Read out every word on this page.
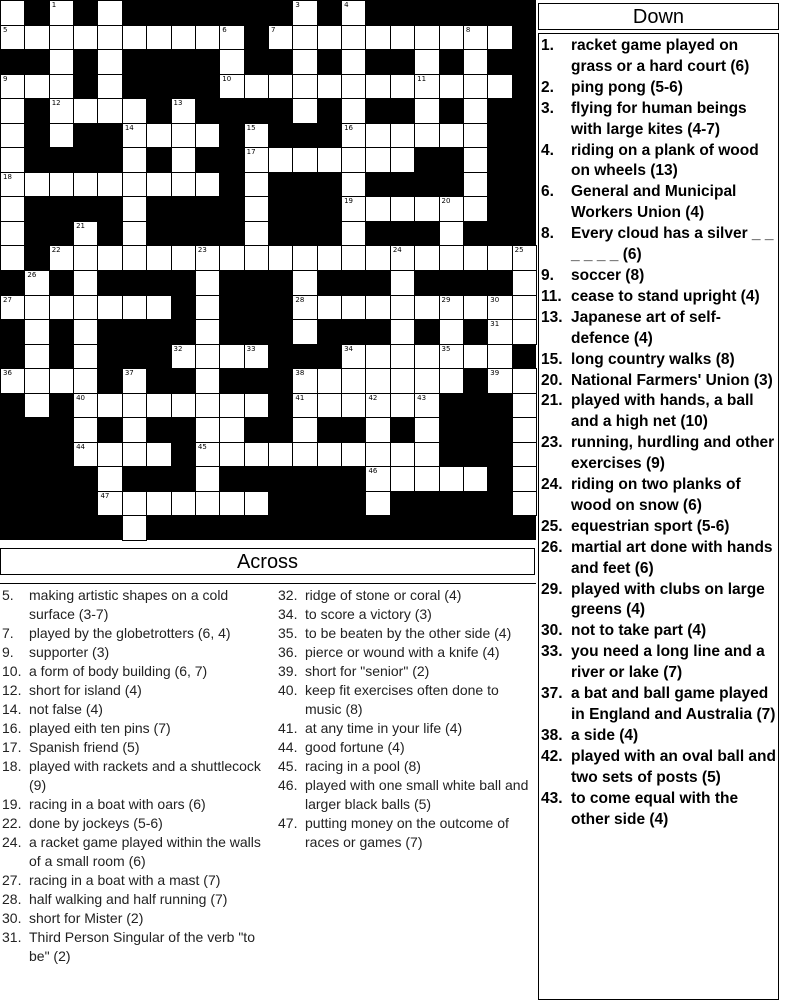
1	3	4
5	6	7	8
9	10	11
12	13
14	15	16
17
18
19	20
21
22	23	24	25
26
27	28	29	30
31
32	33	34	35
36	37	38	39
40	41	42	43
44	45
46
47
Down
1.	racket game played on grass or a hard court (6)
2.	ping pong (5-6)
3.	flying for human beings with large kites (4-7)
4.	riding on a plank of wood on wheels (13)
6.	General and Municipal Workers Union (4)
8.	Every cloud has a silver _ _ _ _ _ _ (6)
9.	soccer (8)
11. cease to stand upright (4)
13. Japanese art of self-defence (4)
15. long country walks (8)
20. National Farmers' Union (3)
21. played with hands, a ball and a high net (10)
23. running, hurdling and other exercises (9)
24. riding on two planks of wood on snow (6)
25. equestrian sport (5-6)
26. martial art done with hands and feet (6)
29. played with clubs on large greens (4)
30. not to take part (4)
33. you need a long line and a river or lake (7)
37. a bat and ball game played in England and Australia (7)
38. a side (4)
42. played with an oval ball and two sets of posts (5)
43. to come equal with the other side (4)
Across
5.	making artistic shapes on a cold surface (3-7)
7.	played by the globetrotters (6, 4)
9.	supporter (3)
10. a form of body building (6, 7)
12. short for island (4)
14. not false (4)
16. played eith ten pins (7)
17. Spanish friend (5)
18. played with rackets and a shuttlecock (9)
19. racing in a boat with oars (6)
22. done by jockeys (5-6)
24. a racket game played within the walls of a small room (6)
27. racing in a boat with a mast (7)
28. half walking and half running (7)
30. short for Mister (2)
31. Third Person Singular of the verb "to be" (2)
32. ridge of stone or coral (4)
34. to score a victory (3)
35. to be beaten by the other side (4)
36. pierce or wound with a knife (4)
39. short for "senior" (2)
40. keep fit exercises often done to music (8)
41. at any time in your life (4)
44. good fortune (4)
45. racing in a pool (8)
46. played with one small white ball and larger black balls (5)
47. putting money on the outcome of races or games (7)
